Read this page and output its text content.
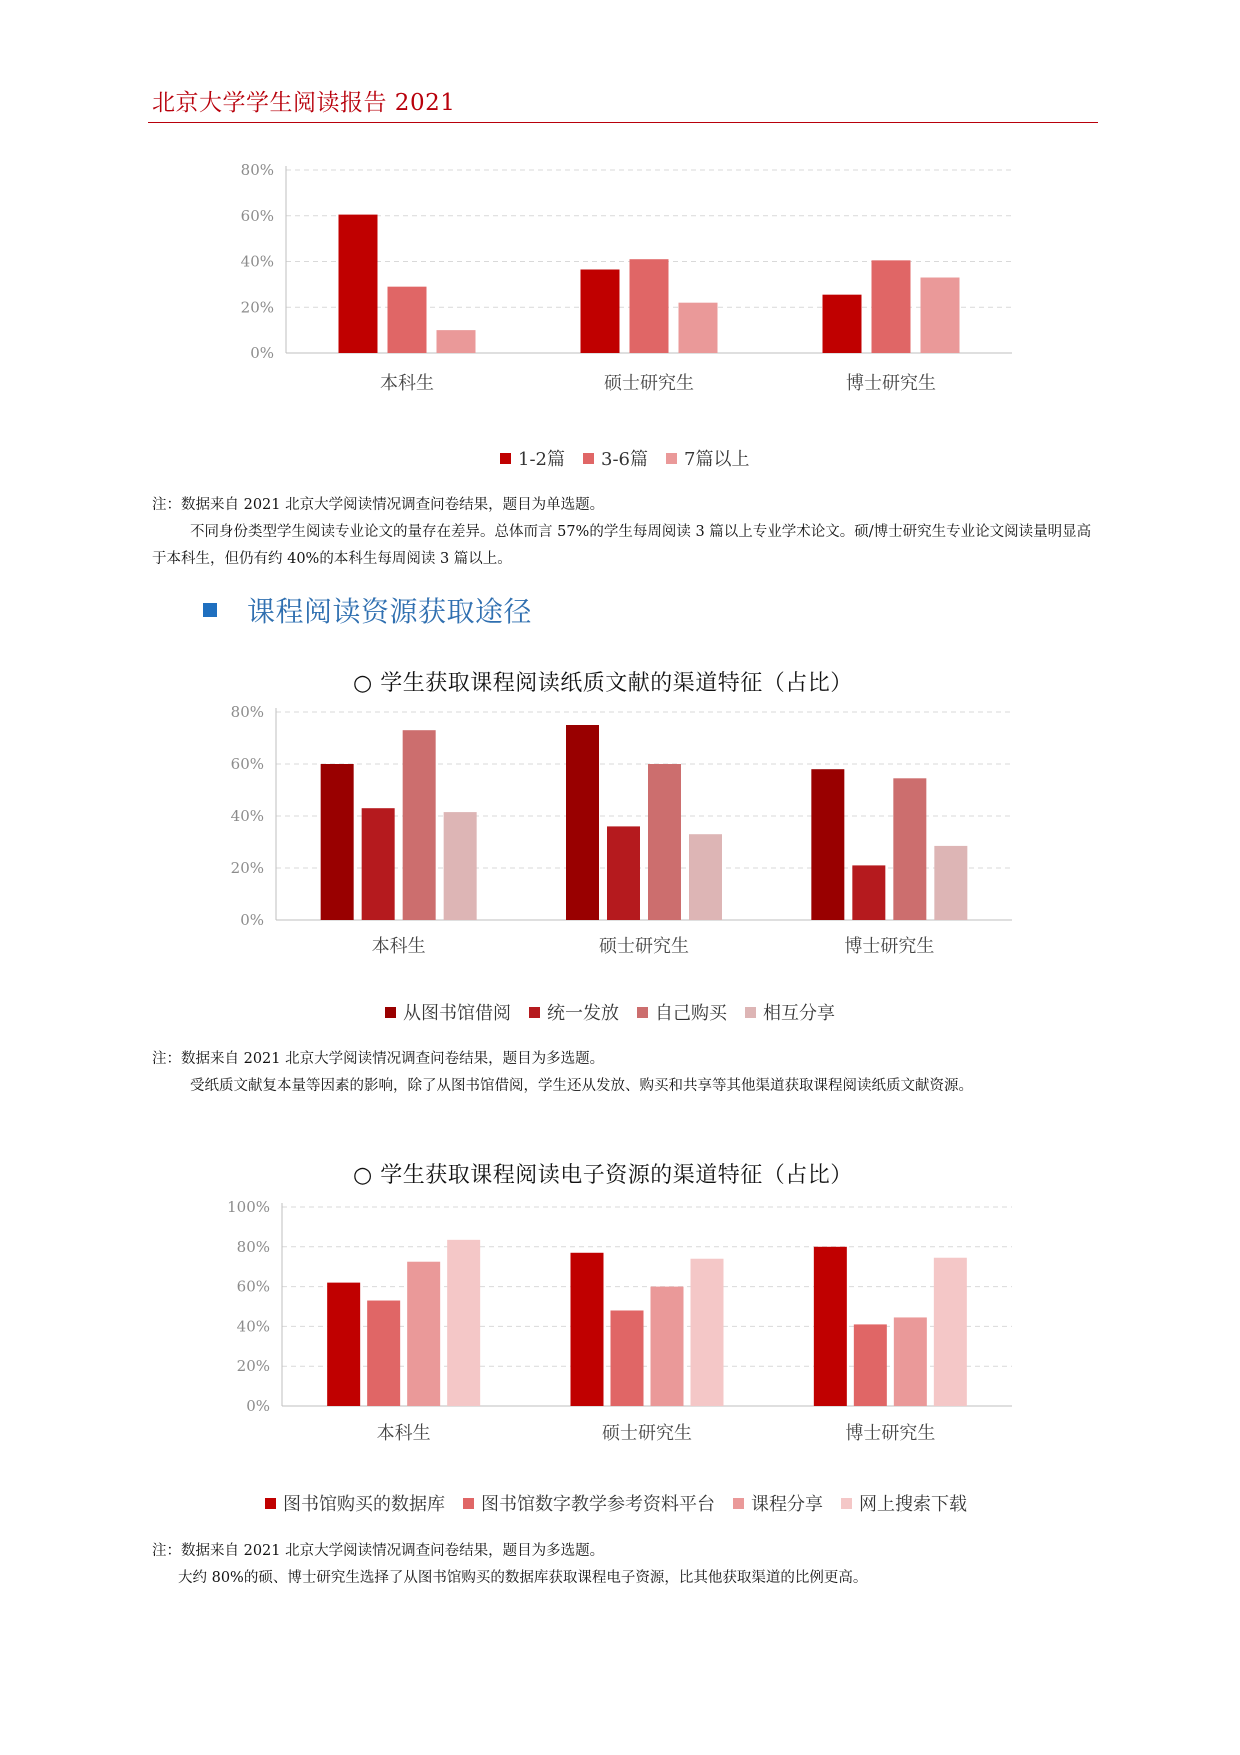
北京大学学生阅读报告 2021
0%
20%
40%
60%
80%
本科生	硕士研究生	博士研究生
1-2篇 3-6篇 7篇以上

注：数据来自 2021 北京大学阅读情况调查问卷结果，题目为单选题。

不同身份类型学生阅读专业论文的量存在差异。总体而言 57%的学生每周阅读 3 篇以上专业学术论文。硕/博士研究生专业论文阅读量明显高于本科生，但仍有约 40%的本科生每周阅读 3 篇以上。

课程阅读资源获取途径
○ 学生获取课程阅读纸质文献的渠道特征（占比）
0%
20%
40%
60%
80%
本科生	硕士研究生	博士研究生
从图书馆借阅 统一发放 自己购买 相互分享

注：数据来自 2021 北京大学阅读情况调查问卷结果，题目为多选题。

受纸质文献复本量等因素的影响，除了从图书馆借阅，学生还从发放、购买和共享等其他渠道获取课程阅读纸质文献资源。

○ 学生获取课程阅读电子资源的渠道特征（占比）
0%
20%
40%
60%
80%
100%
本科生	硕士研究生	博士研究生
图书馆购买的数据库 图书馆数字教学参考资料平台 课程分享 网上搜索下载

注：数据来自 2021 北京大学阅读情况调查问卷结果，题目为多选题。

大约 80%的硕、博士研究生选择了从图书馆购买的数据库获取课程电子资源，比其他获取渠道的比例更高。
